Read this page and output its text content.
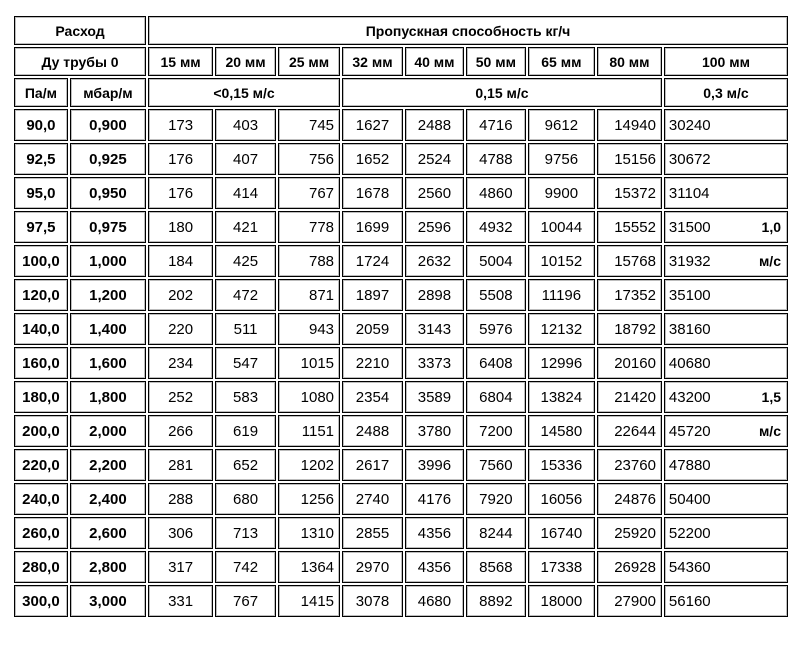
Расход		Пропускная способность кг/ч								
Ду трубы 0		15 мм	20 мм	25 мм	32 мм	40 мм	50 мм	65 мм	80 мм	100 мм
Па/м	мбар/м	<0,15 м/с			0,15 м/с					0,3 м/с
90,0	0,900	173	403	745	1627	2488	4716	9612	14940	30240
92,5	0,925	176	407	756	1652	2524	4788	9756	15156	30672
95,0	0,950	176	414	767	1678	2560	4860	9900	15372	31104
97,5	0,975	180	421	778	1699	2596	4932	10044	15552	31500 1,0

100,0	1,000	184	425	788	1724	2632	5004	10152	15768	31932 м/с

120,0	1,200	202	472	871	1897	2898	5508	11196	17352	35100
140,0	1,400	220	511	943	2059	3143	5976	12132	18792	38160
160,0	1,600	234	547	1015	2210	3373	6408	12996	20160	40680
180,0	1,800	252	583	1080	2354	3589	6804	13824	21420	43200 1,5

200,0	2,000	266	619	1151	2488	3780	7200	14580	22644	45720 м/с

220,0	2,200	281	652	1202	2617	3996	7560	15336	23760	47880
240,0	2,400	288	680	1256	2740	4176	7920	16056	24876	50400
260,0	2,600	306	713	1310	2855	4356	8244	16740	25920	52200
280,0	2,800	317	742	1364	2970	4356	8568	17338	26928	54360
300,0	3,000	331	767	1415	3078	4680	8892	18000	27900	56160
